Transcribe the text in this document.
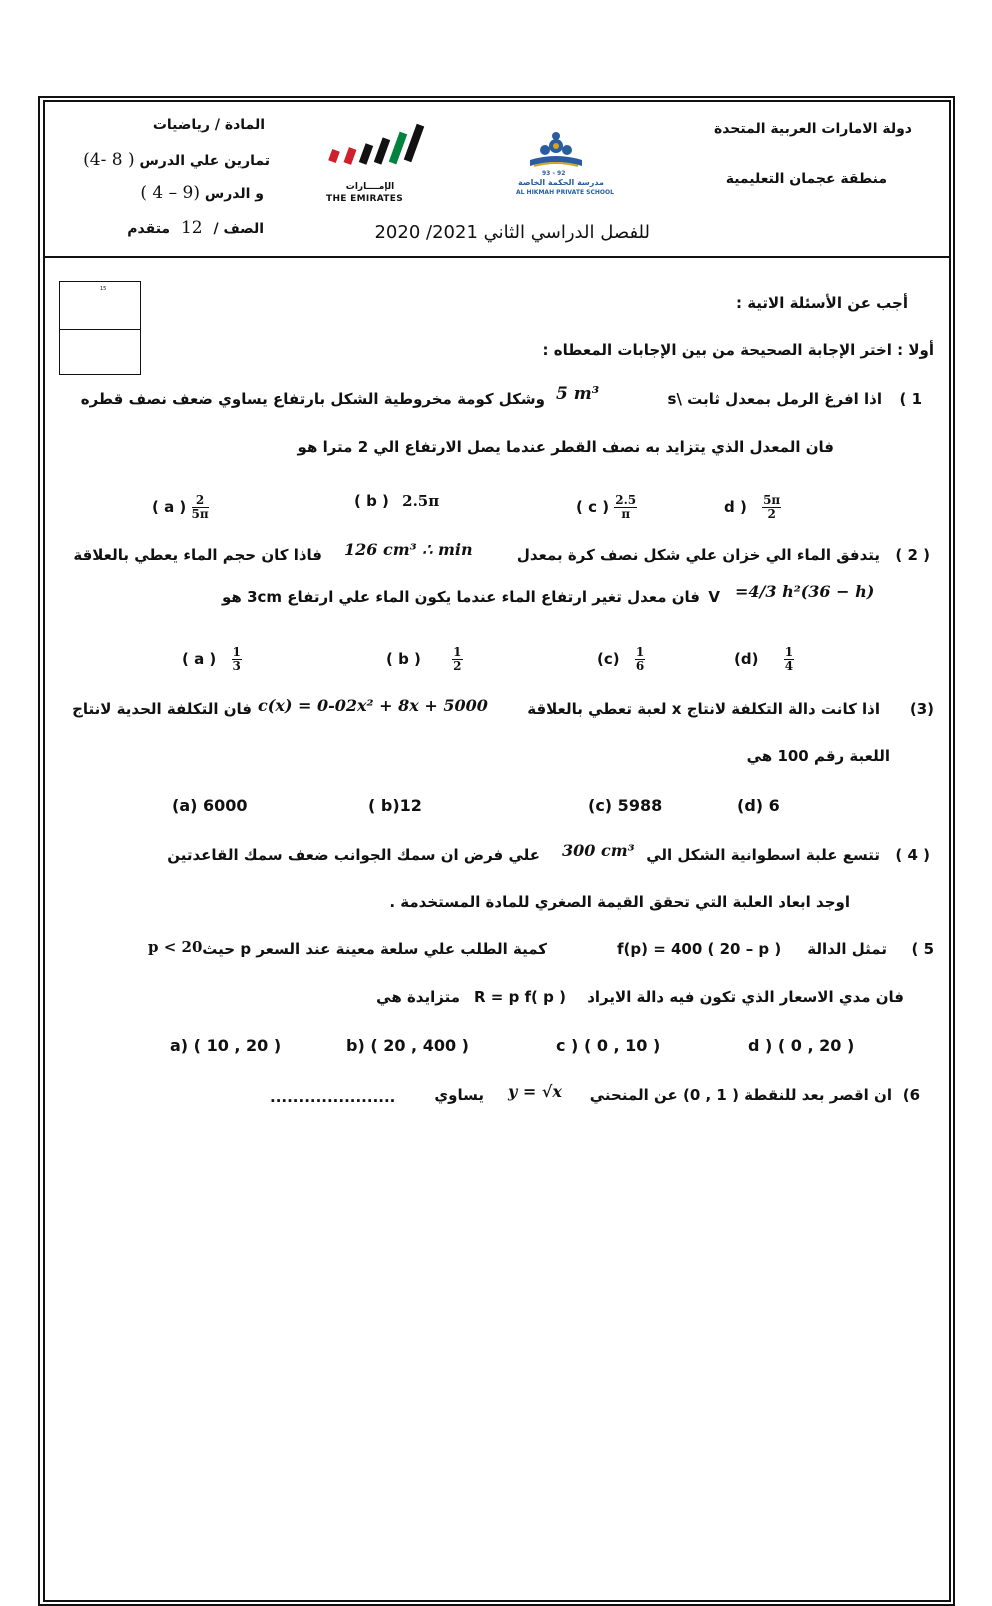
دولة الامارات العربية المتحدة
منطقة عجمان التعليمية
المادة / رياضيات
تمارين علي الدرس ( 8 -4)
و الدرس (9 – 4 )
الصف / 12 متقدم	للفصل الدراسي الثاني 2021/ 2020
الإمــــارات
THE EMIRATES
93 - 92
مدرسة الحكمة الخاصة
AL HIKMAH PRIVATE SCHOOL
15
أجب عن الأسئلة الاتية :
أولا : اختر الإجابة الصحيحة من بين الإجابات المعطاه :
1 )
اذا افرغ الرمل بمعدل ثابت \s
5 m³
وشكل كومة مخروطية الشكل بارتفاع يساوي ضعف نصف قطره
فان المعدل الذي يتزايد به نصف القطر عندما يصل الارتفاع الي 2 مترا هو
( a ) $\frac{2}{5\pi}$	( b ) 2.5π	( c ) $\frac{2.5}{\pi}$	d ) $\frac{5\pi}{2}$
( 2 )
يتدفق الماء الي خزان علي شكل نصف كرة بمعدل
126 cm³ ∴ min
فاذا كان حجم الماء يعطي بالعلاقة
V =4/3 h²(36 − h)
فان معدل تغير ارتفاع الماء عندما يكون الماء علي ارتفاع 3cm هو
( a ) $\frac{1}{3}$	( b )	$\frac{1}{2}$	$(c) \frac{1}{6}$	$(d) \frac{1}{4}$
(3)
اذا كانت دالة التكلفة لانتاج x لعبة تعطي بالعلاقة
c(x) = 0-02x² + 8x + 5000
فان التكلفة الحدية لانتاج
اللعبة رقم 100 هي
(a) 6000	( b)12	(c) 5988	(d) 6
( 4 )
تتسع علبة اسطوانية الشكل الي
300 cm³
علي فرض ان سمك الجوانب ضعف سمك القاعدتين
اوجد ابعاد العلبة التي تحقق القيمة الصغري للمادة المستخدمة .
5 )
تمثل الدالة
f(p) = 400 ( 20 – p )
كمية الطلب علي سلعة معينة عند السعر p حيث
p < 20
فان مدي الاسعار الذي تكون فيه دالة الايراد
R = p f( p )
متزايدة هي
a) ( 10 , 20 )	b) ( 20 , 400 )	c ) ( 0 , 10 )	d ) ( 0 , 20 )
6)
ان اقصر بعد للنقطة ( 1 , 0) عن المنحني
y = √x
يساوي
......................
